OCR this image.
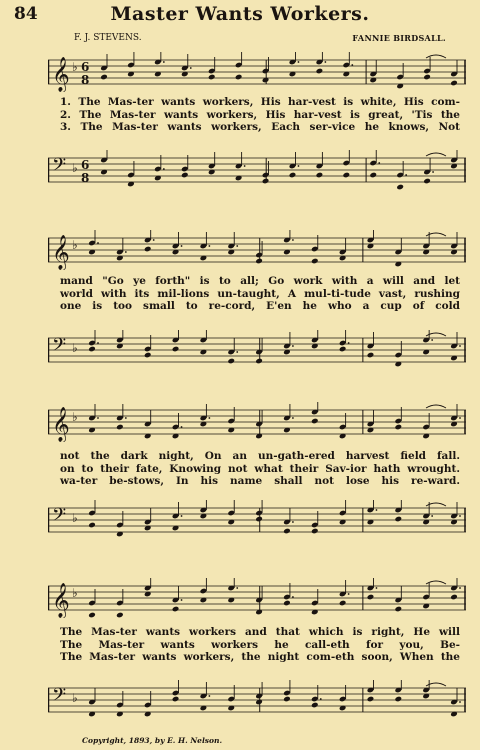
84	Master Wants Workers.
F. J. STEVENS.	FANNIE BIRDSALL.
𝄞 ♭ 6
8
1. The Mas-ter wants workers, His har-vest is white, His com-
2. The Mas-ter wants workers, His har-vest is great, 'Tis the
3. The Mas-ter wants workers, Each ser-vice he knows, Not
𝄢 ♭ 6
8
𝄞 ♭
mand "Go ye forth" is to all; Go work with a will and let
world with its mil-lions un-taught, A mul-ti-tude vast, rushing
one is too small to re-cord, E'en he who a cup of cold
𝄢 ♭
𝄞 ♭
not the dark night, On an un-gath-ered harvest field fall.
on to their fate, Knowing not what their Sav-ior hath wrought.
wa-ter be-stows, In his name shall not lose his re-ward.
𝄢 ♭
𝄞 ♭
The Mas-ter wants workers and that which is right, He will
The Mas-ter wants workers he call-eth for you, Be-
The Mas-ter wants workers, the night com-eth soon, When the
𝄢 ♭
Copyright, 1893, by E. H. Nelson.
